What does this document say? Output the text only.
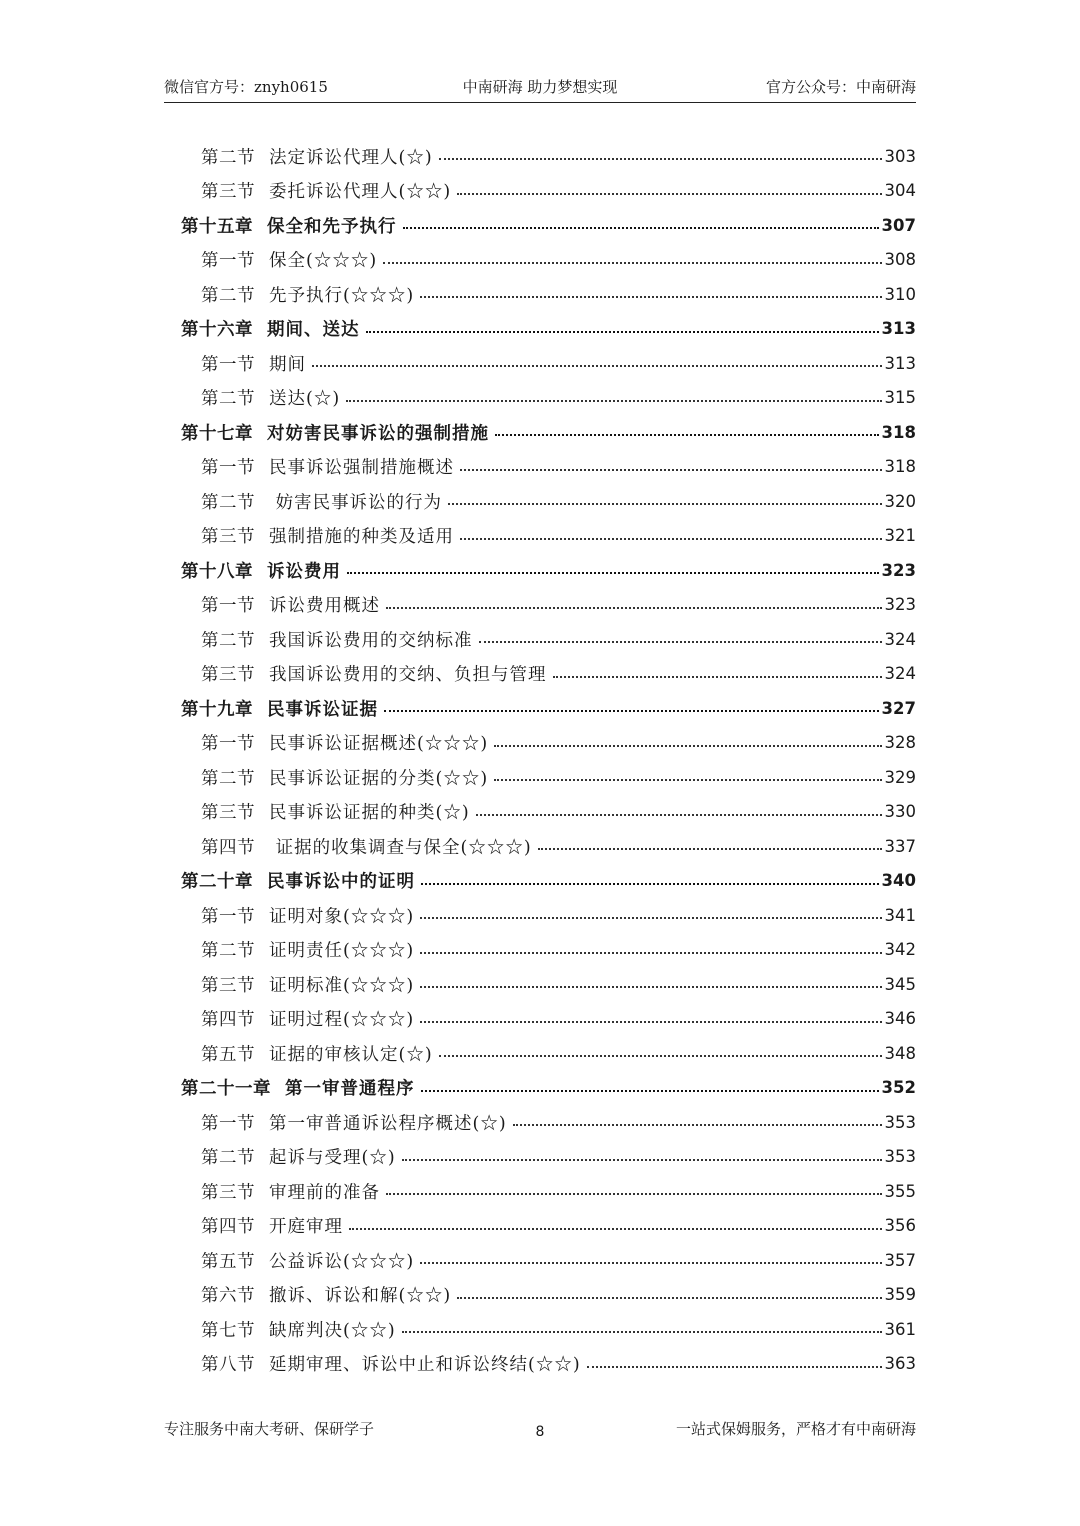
微信官方号：znyh0615	中南研海 助力梦想实现	官方公众号：中南研海
第二节 法定诉讼代理人(☆)	303
第三节 委托诉讼代理人(☆☆)	304
第十五章 保全和先予执行	307
第一节 保全(☆☆☆)	308
第二节 先予执行(☆☆☆)	310
第十六章 期间、送达	313
第一节 期间	313
第二节 送达(☆)	315
第十七章 对妨害民事诉讼的强制措施	318
第一节 民事诉讼强制措施概述	318
第二节 妨害民事诉讼的行为	320
第三节 强制措施的种类及适用	321
第十八章 诉讼费用	323
第一节 诉讼费用概述	323
第二节 我国诉讼费用的交纳标准	324
第三节 我国诉讼费用的交纳、负担与管理	324
第十九章 民事诉讼证据	327
第一节 民事诉讼证据概述(☆☆☆)	328
第二节 民事诉讼证据的分类(☆☆)	329
第三节 民事诉讼证据的种类(☆)	330
第四节 证据的收集调查与保全(☆☆☆)	337
第二十章 民事诉讼中的证明	340
第一节 证明对象(☆☆☆)	341
第二节 证明责任(☆☆☆)	342
第三节 证明标准(☆☆☆)	345
第四节 证明过程(☆☆☆)	346
第五节 证据的审核认定(☆)	348
第二十一章 第一审普通程序	352
第一节 第一审普通诉讼程序概述(☆)	353
第二节 起诉与受理(☆)	353
第三节 审理前的准备	355
第四节 开庭审理	356
第五节 公益诉讼(☆☆☆)	357
第六节 撤诉、诉讼和解(☆☆)	359
第七节 缺席判决(☆☆)	361
第八节 延期审理、诉讼中止和诉讼终结(☆☆)	363
专注服务中南大考研、保研学子	8	一站式保姆服务，严格才有中南研海
